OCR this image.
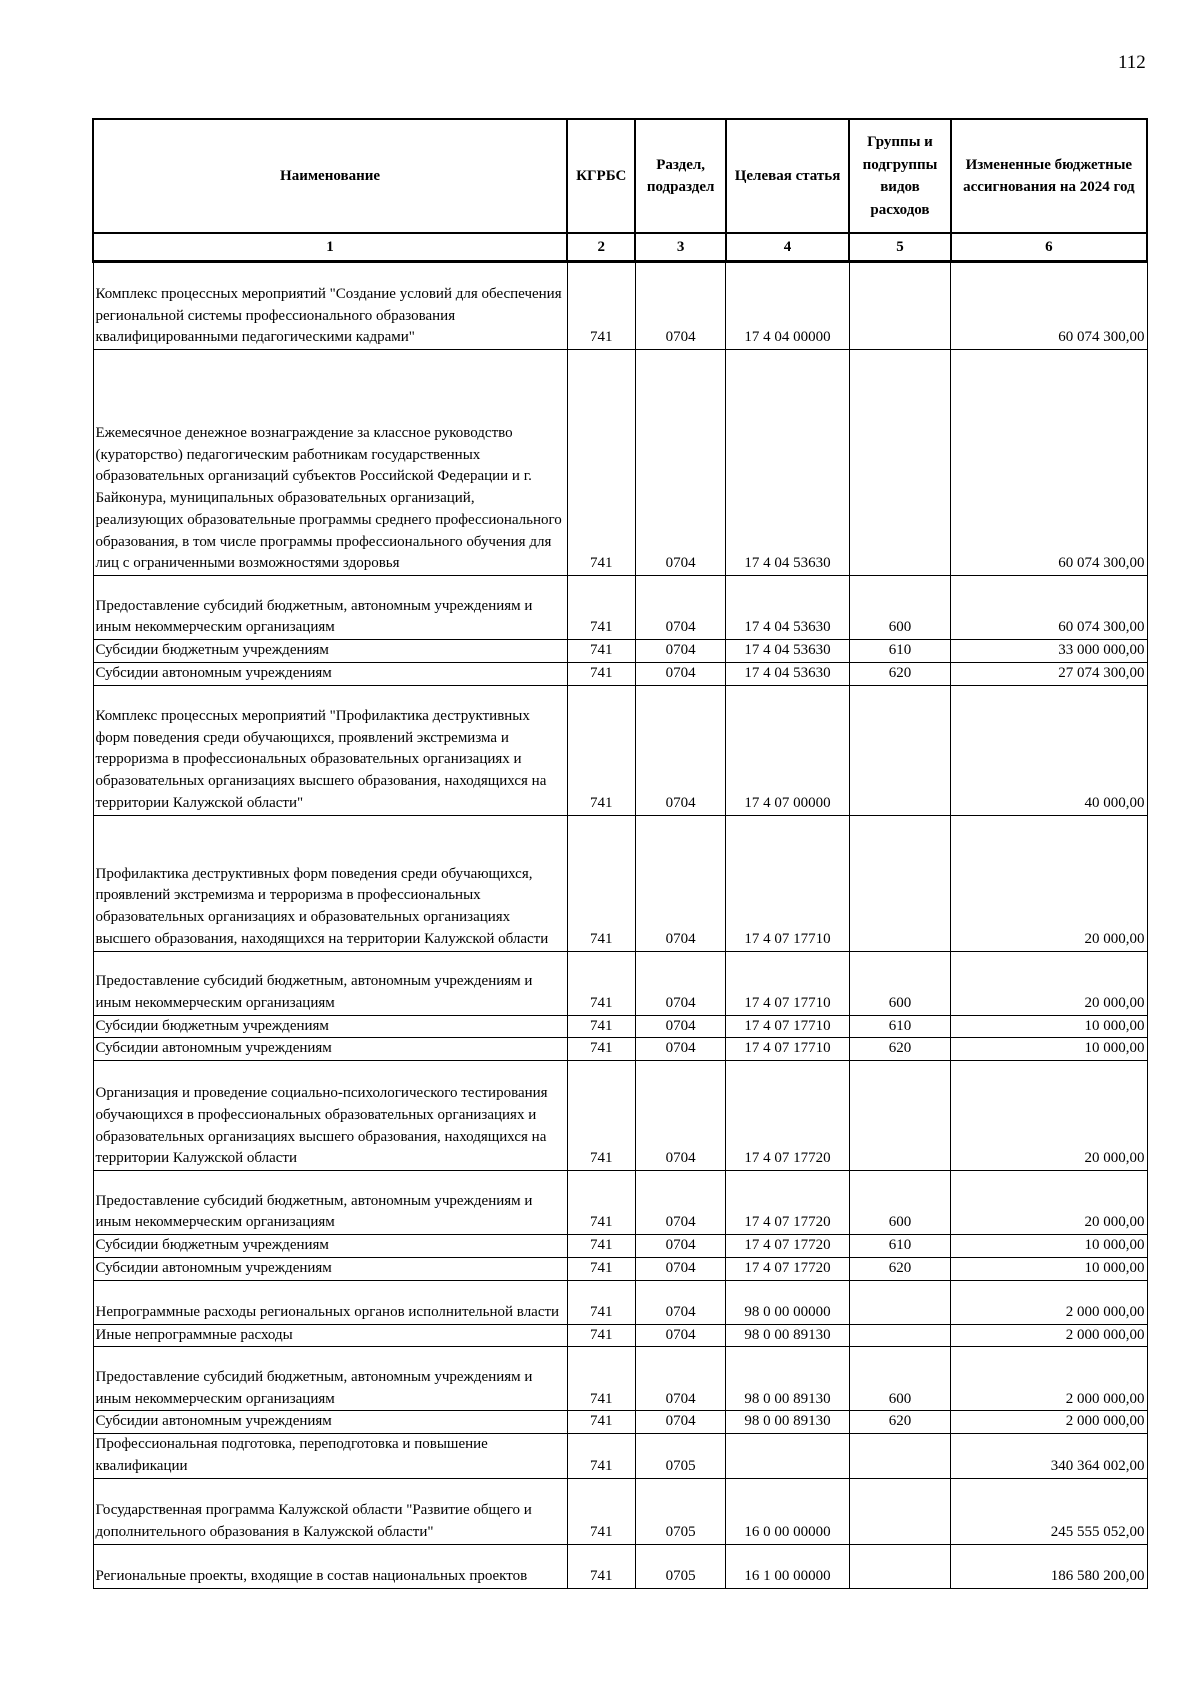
112
Наименование	КГРБС	Раздел, подраздел	Целевая статья	Группы и подгруппы видов расходов	Измененные бюджетные ассигнования на 2024 год
1	2	3	4	5	6
Комплекс процессных мероприятий "Создание условий для обеспечения региональной системы профессионального образования квалифицированными педагогическими кадрами"	741	0704	17 4 04 00000		60 074 300,00
Ежемесячное денежное вознаграждение за классное руководство (кураторство) педагогическим работникам государственных образовательных организаций субъектов Российской Федерации и г. Байконура, муниципальных образовательных организаций, реализующих образовательные программы среднего профессионального образования, в том числе программы профессионального обучения для лиц с ограниченными возможностями здоровья	741	0704	17 4 04 53630		60 074 300,00
Предоставление субсидий бюджетным, автономным учреждениям и иным некоммерческим организациям	741	0704	17 4 04 53630	600	60 074 300,00
Субсидии бюджетным учреждениям	741	0704	17 4 04 53630	610	33 000 000,00
Субсидии автономным учреждениям	741	0704	17 4 04 53630	620	27 074 300,00
Комплекс процессных мероприятий "Профилактика деструктивных форм поведения среди обучающихся, проявлений экстремизма и терроризма в профессиональных образовательных организациях и образовательных организациях высшего образования, находящихся на территории Калужской области"	741	0704	17 4 07 00000		40 000,00
Профилактика деструктивных форм поведения среди обучающихся, проявлений экстремизма и терроризма в профессиональных образовательных организациях и образовательных организациях высшего образования, находящихся на территории Калужской области	741	0704	17 4 07 17710		20 000,00
Предоставление субсидий бюджетным, автономным учреждениям и иным некоммерческим организациям	741	0704	17 4 07 17710	600	20 000,00
Субсидии бюджетным учреждениям	741	0704	17 4 07 17710	610	10 000,00
Субсидии автономным учреждениям	741	0704	17 4 07 17710	620	10 000,00
Организация и проведение социально-психологического тестирования обучающихся в профессиональных образовательных организациях и образовательных организациях высшего образования, находящихся на территории Калужской области	741	0704	17 4 07 17720		20 000,00
Предоставление субсидий бюджетным, автономным учреждениям и иным некоммерческим организациям	741	0704	17 4 07 17720	600	20 000,00
Субсидии бюджетным учреждениям	741	0704	17 4 07 17720	610	10 000,00
Субсидии автономным учреждениям	741	0704	17 4 07 17720	620	10 000,00
Непрограммные расходы региональных органов исполнительной власти	741	0704	98 0 00 00000		2 000 000,00
Иные непрограммные расходы	741	0704	98 0 00 89130		2 000 000,00
Предоставление субсидий бюджетным, автономным учреждениям и иным некоммерческим организациям	741	0704	98 0 00 89130	600	2 000 000,00
Субсидии автономным учреждениям	741	0704	98 0 00 89130	620	2 000 000,00
Профессиональная подготовка, переподготовка и повышение квалификации	741	0705			340 364 002,00
Государственная программа Калужской области "Развитие общего и дополнительного образования в Калужской области"	741	0705	16 0 00 00000		245 555 052,00
Региональные проекты, входящие в состав национальных проектов	741	0705	16 1 00 00000		186 580 200,00
